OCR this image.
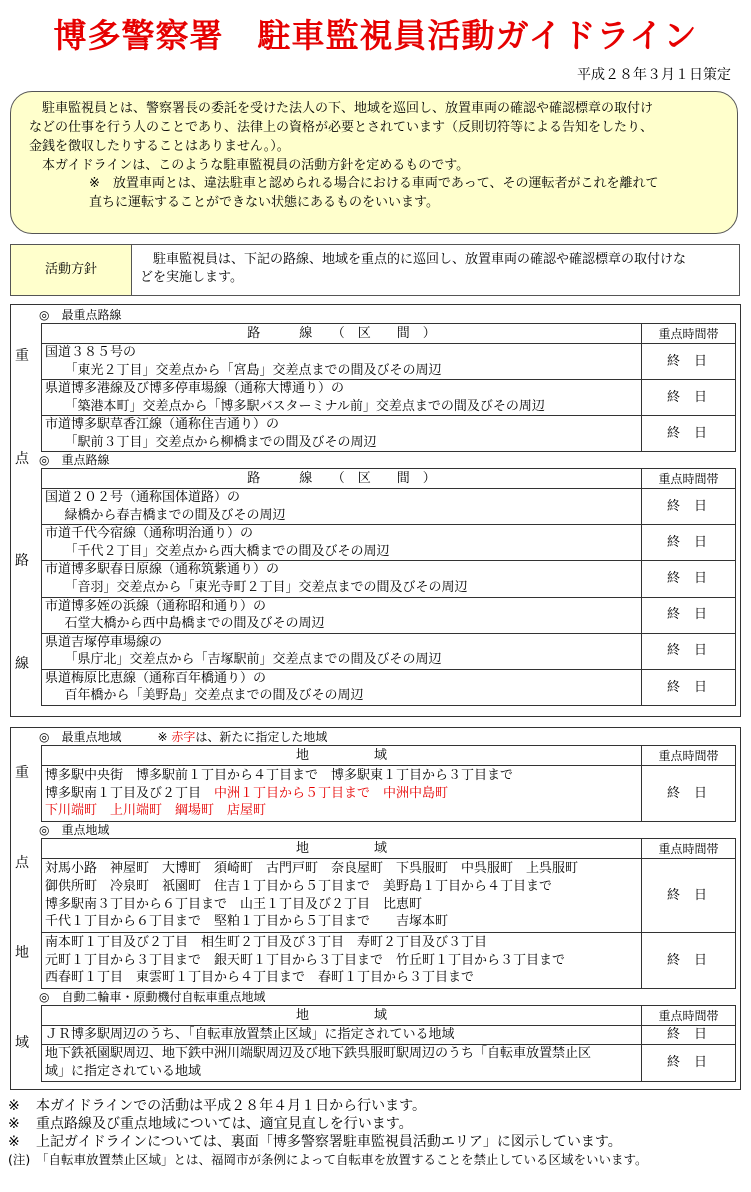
博多警察署　駐車監視員活動ガイドライン
平成２８年３月１日策定

駐車監視員とは、警察署長の委託を受けた法人の下、地域を巡回し、放置車両の確認や確認標章の取付け

などの仕事を行う人のことであり、法律上の資格が必要とされています（反則切符等による告知をしたり、

金銭を徴収したりすることはありません。）。

本ガイドラインは、このような駐車監視員の活動方針を定めるものです。

※　放置車両とは、違法駐車と認められる場合における車両であって、その運転者がこれを離れて

直ちに運転することができない状態にあるものをいいます。

活動方針
駐車監視員は、下記の路線、地域を重点的に巡回し、放置車両の確認や確認標章の取付けな
どを実施します。
重
点
路
線
◎　最重点路線
路　　　線　　（　区　　間　）	重点時間帯

国道３８５号の
「東光２丁目」交差点から「宮島」交差点までの間及びその周辺	終日

県道博多港線及び博多停車場線（通称大博通り）の
「築港本町」交差点から「博多駅バスターミナル前」交差点までの間及びその周辺	終日

市道博多駅草香江線（通称住吉通り）の
「駅前３丁目」交差点から柳橋までの間及びその周辺	終日
◎　重点路線
路　　　線　　（　区　　間　）	重点時間帯

国道２０２号（通称国体道路）の
緑橋から春吉橋までの間及びその周辺	終日

市道千代今宿線（通称明治通り）の
「千代２丁目」交差点から西大橋までの間及びその周辺	終日

市道博多駅春日原線（通称筑紫通り）の
「音羽」交差点から「東光寺町２丁目」交差点までの間及びその周辺	終日

市道博多姪の浜線（通称昭和通り）の
石堂大橋から西中島橋までの間及びその周辺	終日

県道吉塚停車場線の
「県庁北」交差点から「吉塚駅前」交差点までの間及びその周辺	終日

県道梅原比恵線（通称百年橋通り）の
百年橋から「美野島」交差点までの間及びその周辺	終日
重
点
地
域
◎　最重点地域	※ 赤字は、新たに指定した地域
地　　　　　域	重点時間帯

博多駅中央街　博多駅前１丁目から４丁目まで　博多駅東１丁目から３丁目まで
博多駅南１丁目及び２丁目　中洲１丁目から５丁目まで　中洲中島町
下川端町　上川端町　綱場町　店屋町	終日
◎　重点地域
地　　　　　域	重点時間帯

対馬小路　神屋町　大博町　須崎町　古門戸町　奈良屋町　下呉服町　中呉服町　上呉服町
御供所町　冷泉町　祇園町　住吉１丁目から５丁目まで　美野島１丁目から４丁目まで
博多駅南３丁目から６丁目まで　山王１丁目及び２丁目　比恵町
千代１丁目から６丁目まで　堅粕１丁目から５丁目まで　　吉塚本町	終日

南本町１丁目及び２丁目　相生町２丁目及び３丁目　寿町２丁目及び３丁目
元町１丁目から３丁目まで　銀天町１丁目から３丁目まで　竹丘町１丁目から３丁目まで
西春町１丁目　東雲町１丁目から４丁目まで　春町１丁目から３丁目まで	終日
◎　自動二輪車・原動機付自転車重点地域
地　　　　　域	重点時間帯

ＪＲ博多駅周辺のうち、「自転車放置禁止区域」に指定されている地域	終日

地下鉄祇園駅周辺、地下鉄中洲川端駅周辺及び地下鉄呉服町駅周辺のうち「自転車放置禁止区
域」に指定されている地域	終日
※ 本ガイドラインでの活動は平成２８年４月１日から行います。
※ 重点路線及び重点地域については、適宜見直しを行います。
※ 上記ガイドラインについては、裏面「博多警察署駐車監視員活動エリア」に図示しています。
(注) 「自転車放置禁止区域」とは、福岡市が条例によって自転車を放置することを禁止している区域をいいます。
